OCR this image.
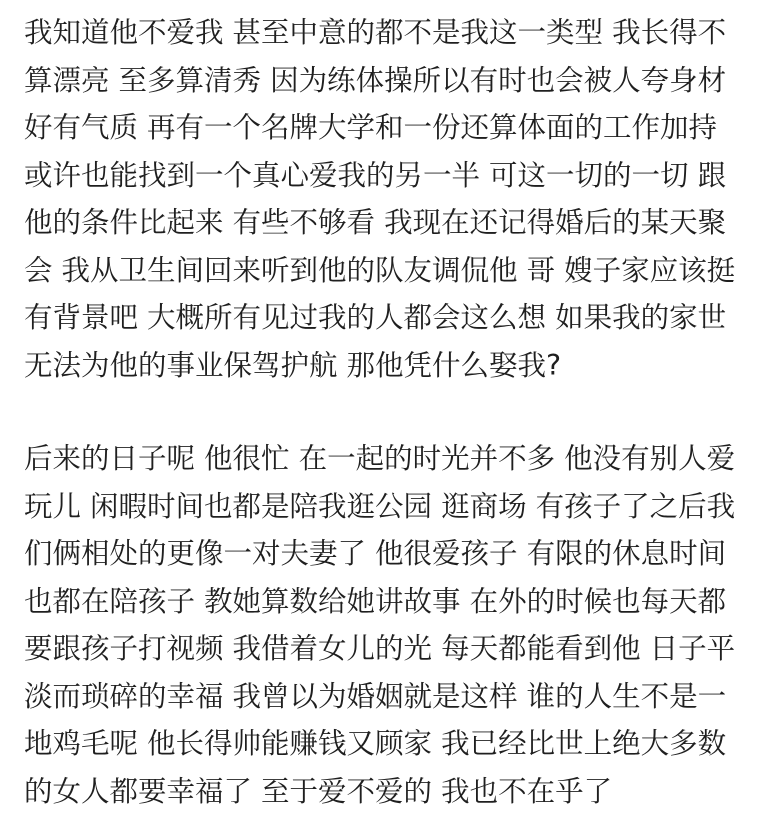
我知道他不爱我 甚至中意的都不是我这一类型 我长得不
算漂亮 至多算清秀 因为练体操所以有时也会被人夸身材
好有气质 再有一个名牌大学和一份还算体面的工作加持
或许也能找到一个真心爱我的另一半 可这一切的一切 跟
他的条件比起来 有些不够看 我现在还记得婚后的某天聚
会 我从卫生间回来听到他的队友调侃他 哥 嫂子家应该挺
有背景吧 大概所有见过我的人都会这么想 如果我的家世
无法为他的事业保驾护航 那他凭什么娶我?
后来的日子呢 他很忙 在一起的时光并不多 他没有别人爱
玩儿 闲暇时间也都是陪我逛公园 逛商场 有孩子了之后我
们俩相处的更像一对夫妻了 他很爱孩子 有限的休息时间
也都在陪孩子 教她算数给她讲故事 在外的时候也每天都
要跟孩子打视频 我借着女儿的光 每天都能看到他 日子平
淡而琐碎的幸福 我曾以为婚姻就是这样 谁的人生不是一
地鸡毛呢 他长得帅能赚钱又顾家 我已经比世上绝大多数
的女人都要幸福了 至于爱不爱的 我也不在乎了
